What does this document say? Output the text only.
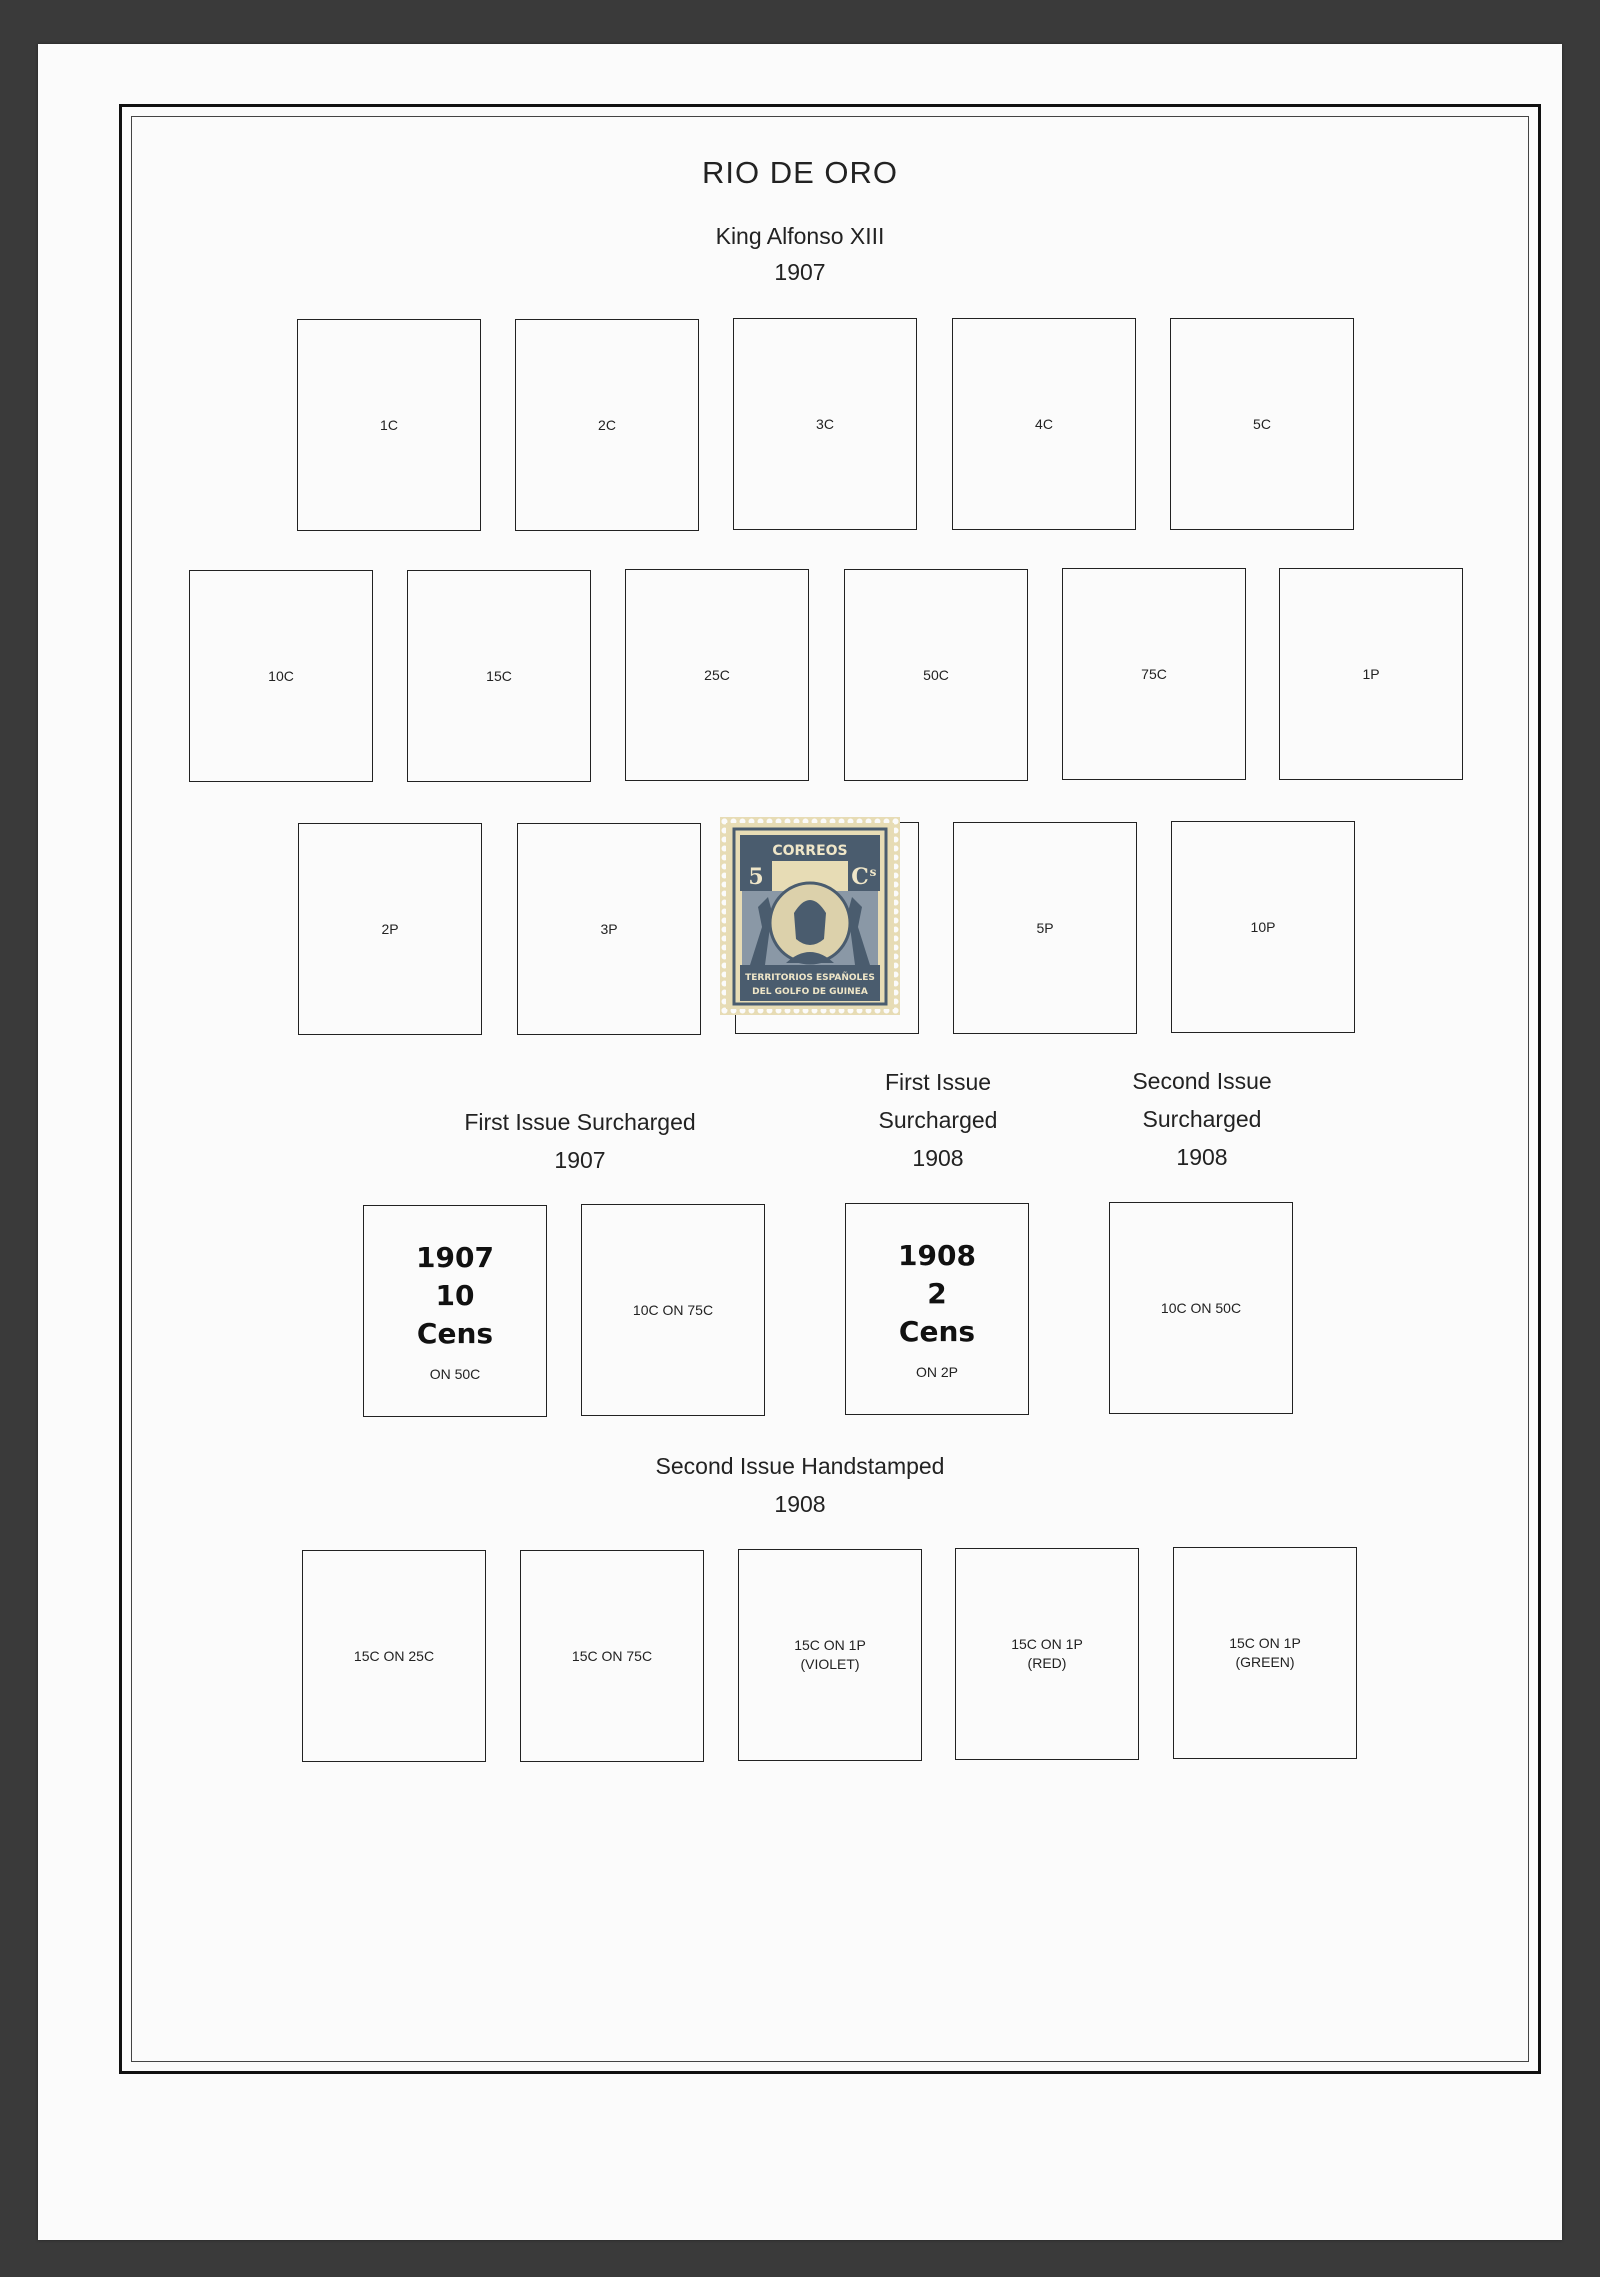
RIO DE ORO
King Alfonso XIII
1907
1C	2C	3C	4C	5C
10C	15C	25C	50C	75C	1P
2P	3P	5P	10P
CORREOS
5	C s
TERRITORIOS ESPAÑOLES
DEL GOLFO DE GUINEA
First Issue Surcharged
1907
First Issue
Surcharged
1908
Second Issue
Surcharged
1908
1907
10
Cens
ON 50C
10C ON 75C
1908
2
Cens
ON 2P
10C ON 50C
Second Issue Handstamped
1908
15C ON 25C	15C ON 75C
15C ON 1P
(VIOLET)
15C ON 1P
(RED)
15C ON 1P
(GREEN)
